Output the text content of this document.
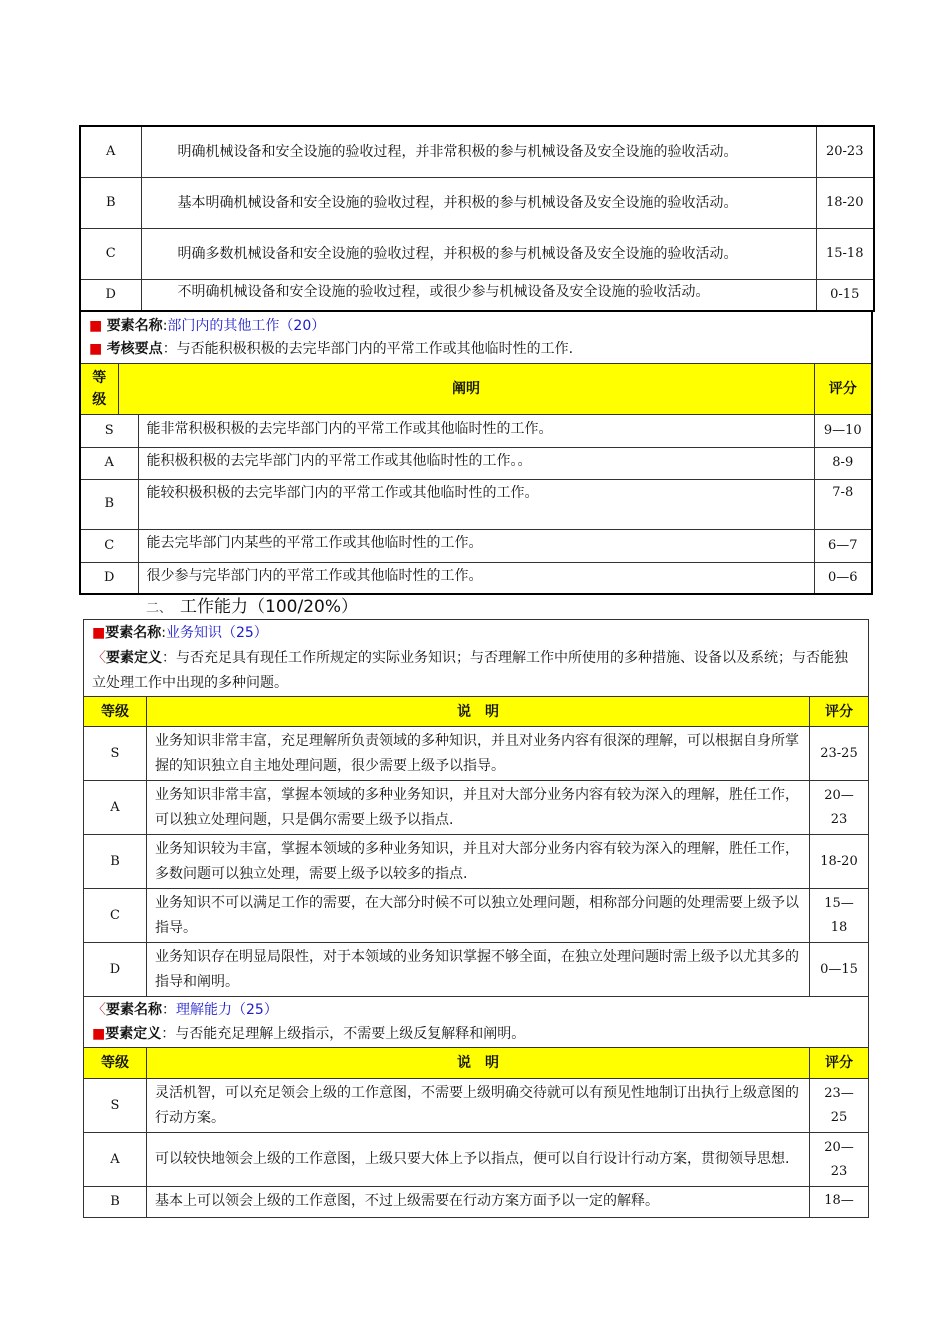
A	明确机械设备和安全设施的验收过程，并非常积极的参与机械设备及安全设施的验收活动。	20-23
B	基本明确机械设备和安全设施的验收过程，并积极的参与机械设备及安全设施的验收活动。	18-20
C	明确多数机械设备和安全设施的验收过程，并积极的参与机械设备及安全设施的验收活动。	15-18
D	不明确机械设备和安全设施的验收过程，或很少参与机械设备及安全设施的验收活动。	0-15
■ 要素名称:部门内的其他工作（20）
■ 考核要点：与否能积极积极的去完毕部门内的平常工作或其他临时性的工作.			

等级	阐明		评分
S		能非常积极积极的去完毕部门内的平常工作或其他临时性的工作。	9—10
A		能积极积极的去完毕部门内的平常工作或其他临时性的工作。。	8-9
B		能较积极积极的去完毕部门内的平常工作或其他临时性的工作。	7-8
C		能去完毕部门内某些的平常工作或其他临时性的工作。	6—7
D		很少参与完毕部门内的平常工作或其他临时性的工作。	0—6
二、 工作能力（100/20%）
■要素名称:业务知识（25）
〈要素定义：与否充足具有现任工作所规定的实际业务知识；与否理解工作中所使用的多种措施、设备以及系统；与否能独立处理工作中出现的多种问题。		

等级	说　明	评分
S	业务知识非常丰富，充足理解所负责领域的多种知识，并且对业务内容有很深的理解，可以根据自身所掌握的知识独立自主地处理问题，很少需要上级予以指导。	23-25
A	业务知识非常丰富，掌握本领域的多种业务知识，并且对大部分业务内容有较为深入的理解，胜任工作，可以独立处理问题，只是偶尔需要上级予以指点.	20—23
B	业务知识较为丰富，掌握本领域的多种业务知识，并且对大部分业务内容有较为深入的理解，胜任工作，多数问题可以独立处理，需要上级予以较多的指点.	18-20
C	业务知识不可以满足工作的需要，在大部分时候不可以独立处理问题，相称部分问题的处理需要上级予以指导。	15—18
D	业务知识存在明显局限性，对于本领域的业务知识掌握不够全面，在独立处理问题时需上级予以尤其多的指导和阐明。	0—15

〈要素名称：理解能力（25）
■要素定义：与否能充足理解上级指示，不需要上级反复解释和阐明。		

等级	说　明	评分
S	灵活机智，可以充足领会上级的工作意图，不需要上级明确交待就可以有预见性地制订出执行上级意图的行动方案。	23—25
A	可以较快地领会上级的工作意图，上级只要大体上予以指点，便可以自行设计行动方案，贯彻领导思想.	20—23
B	基本上可以领会上级的工作意图，不过上级需要在行动方案方面予以一定的解释。	18—
